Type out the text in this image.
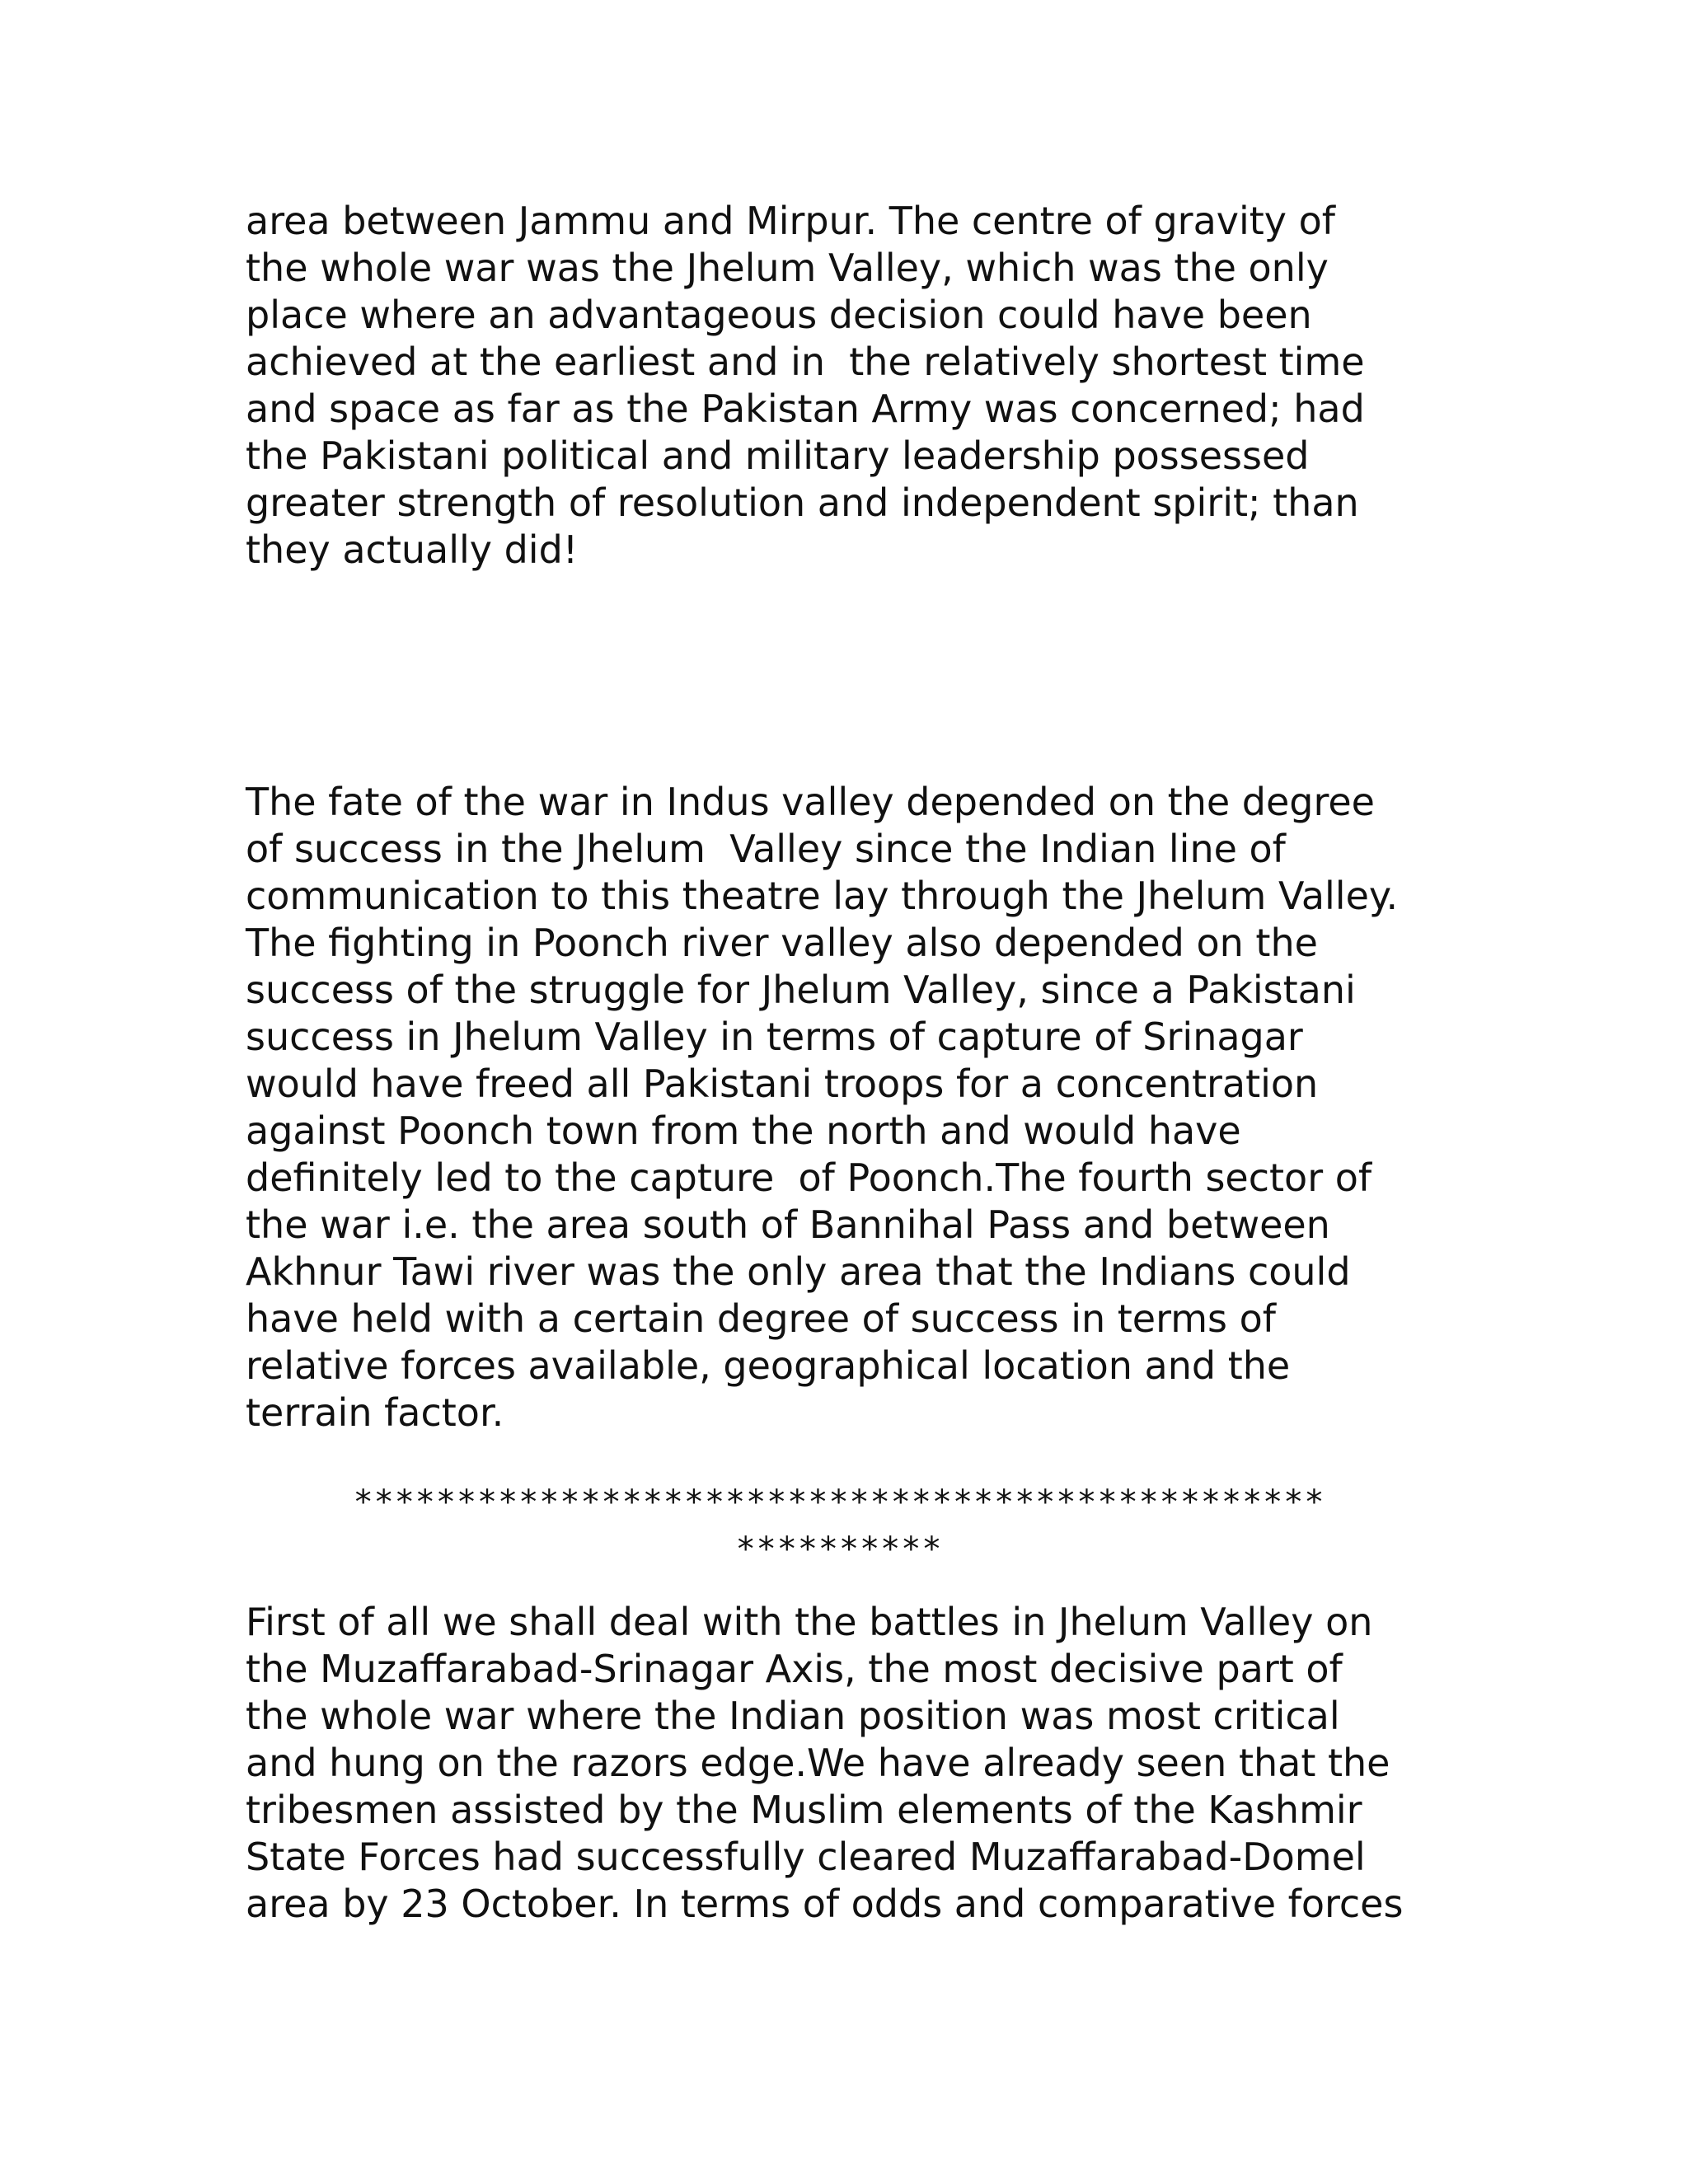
area between Jammu and Mirpur. The centre of gravity of
the whole war was the Jhelum Valley, which was the only
place where an advantageous decision could have been
achieved at the earliest and in  the relatively shortest time
and space as far as the Pakistan Army was concerned; had
the Pakistani political and military leadership possessed
greater strength of resolution and independent spirit; than
they actually did!
The fate of the war in Indus valley depended on the degree
of success in the Jhelum  Valley since the Indian line of
communication to this theatre lay through the Jhelum Valley.
The fighting in Poonch river valley also depended on the
success of the struggle for Jhelum Valley, since a Pakistani
success in Jhelum Valley in terms of capture of Srinagar
would have freed all Pakistani troops for a concentration
against Poonch town from the north and would have
definitely led to the capture  of Poonch.The fourth sector of
the war i.e. the area south of Bannihal Pass and between
Akhnur Tawi river was the only area that the Indians could
have held with a certain degree of success in terms of
relative forces available, geographical location and the
terrain factor.
***********************************************
**********
First of all we shall deal with the battles in Jhelum Valley on
the Muzaffarabad-Srinagar Axis, the most decisive part of
the whole war where the Indian position was most critical
and hung on the razors edge.We have already seen that the
tribesmen assisted by the Muslim elements of the Kashmir
State Forces had successfully cleared Muzaffarabad-Domel
area by 23 October. In terms of odds and comparative forces
